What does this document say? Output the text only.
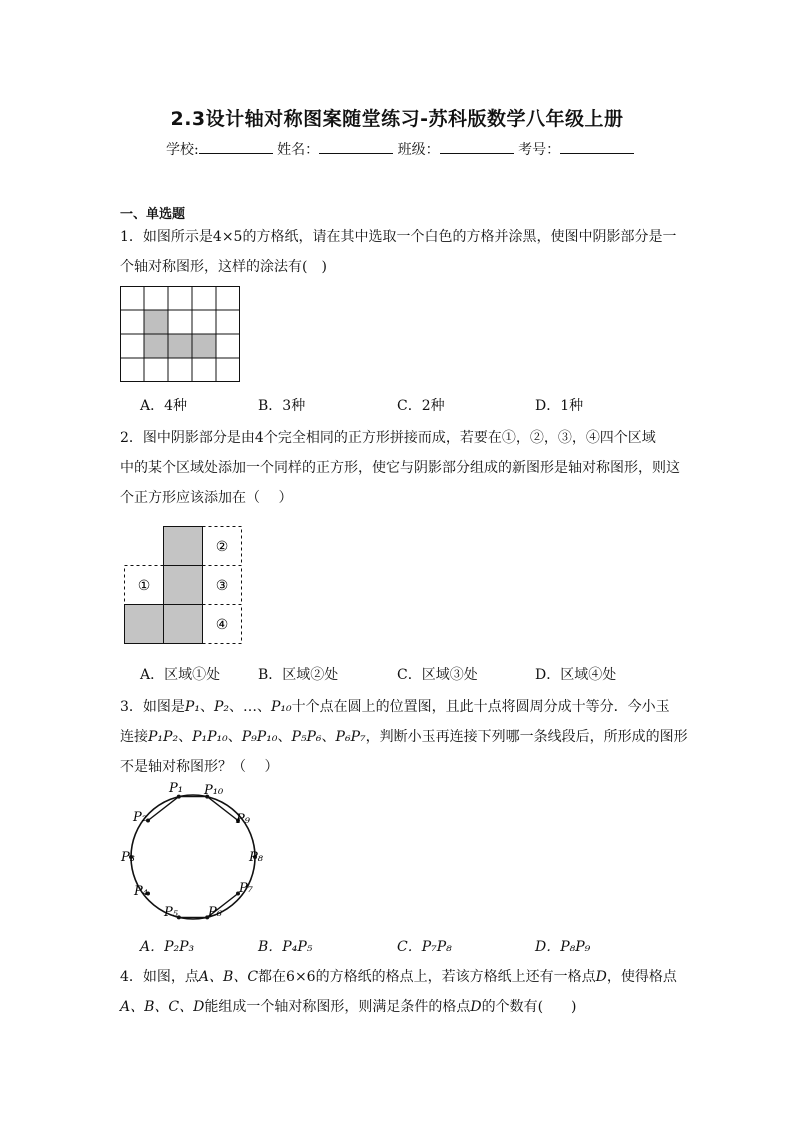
2.3设计轴对称图案随堂练习-苏科版数学八年级上册
学校:	姓名：	班级：	考号：
一、单选题
1．如图所示是4×5的方格纸，请在其中选取一个白色的方格并涂黑，使图中阴影部分是一
个轴对称图形，这样的涂法有(　)
A．4种	B．3种	C．2种	D．1种
2．图中阴影部分是由4个完全相同的正方形拼接而成，若要在①，②，③，④四个区域
中的某个区域处添加一个同样的正方形，使它与阴影部分组成的新图形是轴对称图形，则这
个正方形应该添加在（　 ）
①
②
③
④
A．区域①处	B．区域②处	C．区域③处	D．区域④处
3．如图是P₁、P₂、…、P₁₀十个点在圆上的位置图，且此十点将圆周分成十等分．今小玉
连接P₁P₂、P₁P₁₀、P₉P₁₀、P₅P₆、P₆P₇，判断小玉再连接下列哪一条线段后，所形成的图形
不是轴对称图形？（　 ）
P₁
P₂
P₃
P₄
P₅ P₆
P₇
P₈
P₉
P₁₀
A．P₂P₃	B．P₄P₅	C．P₇P₈	D．P₈P₉
4．如图，点A、B、C都在6×6的方格纸的格点上，若该方格纸上还有一格点D，使得格点
A、B、C、D能组成一个轴对称图形，则满足条件的格点D的个数有(　　)
